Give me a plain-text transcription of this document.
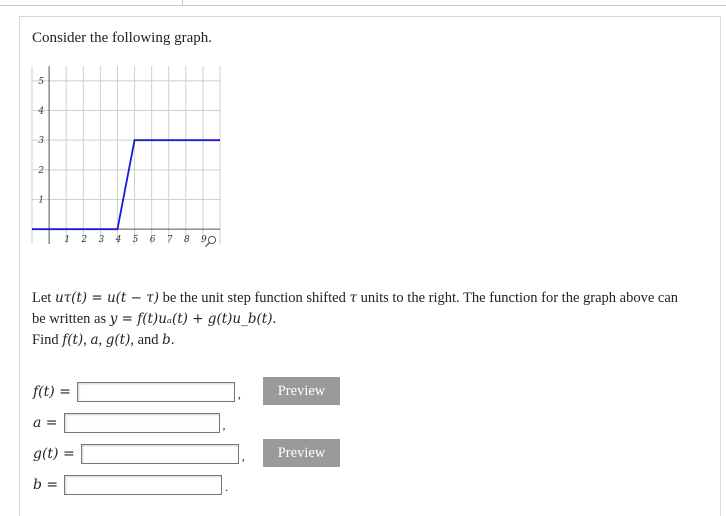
Consider the following graph.
1 2 3 4 5 6 7 8 9
1
2
3
4
5
Let uτ(t) = u(t − τ) be the unit step function shifted τ units to the right. The function for the graph above can
be written as y = f(t)uₐ(t) + g(t)u_b(t).
Find f(t), a, g(t), and b.
f(t) =	,	Preview
a =	,
g(t) =	,	Preview
b =	.
